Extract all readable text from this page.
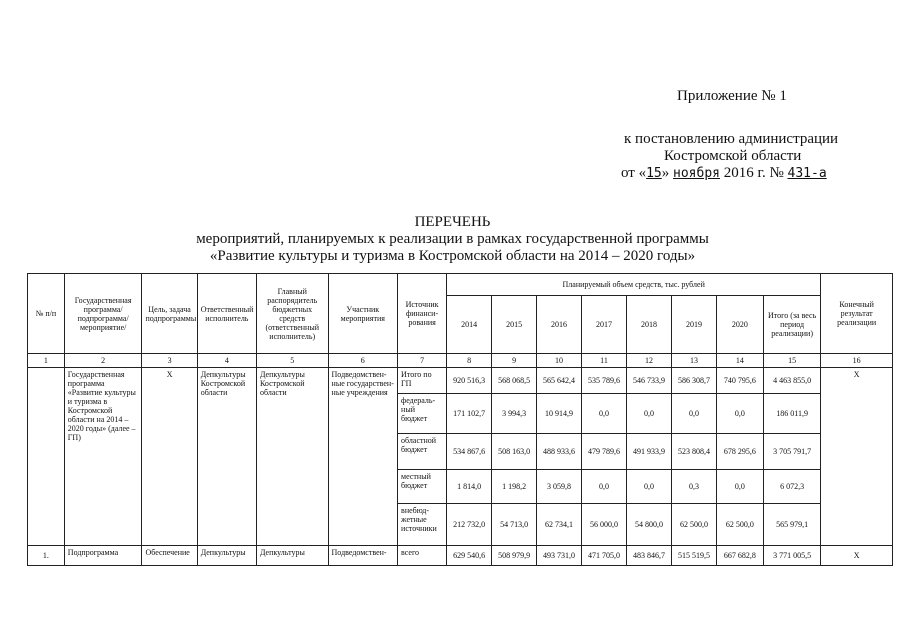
Приложение № 1
к постановлению администрации
Костромской области
от «15» ноября 2016 г. № 431-а
ПЕРЕЧЕНЬ
мероприятий, планируемых к реализации в рамках государственной программы
«Развитие культуры и туризма в Костромской области на 2014 – 2020 годы»
№ п/п	Государственная программа/ подпрограмма/ мероприятие/	Цель, задача подпрограммы	Ответственный исполнитель	Главный распорядитель бюджетных средств (ответственный исполнитель)	Участник мероприятия	Источник финанси-рования	Планируемый объем средств, тыс. рублей								Конечный результат реализации
							2014	2015	2016	2017	2018	2019	2020	Итого (за весь период реализации)	
1	2	3	4	5	6	7	8	9	10	11	12	13	14	15	16
	Государственная программа «Развитие культуры и туризма в Костромской области на 2014 – 2020 годы» (далее – ГП)	X	Депкультуры Костромской области	Депкультуры Костромской области	Подведомствен-ные государствен-ные учреждения	Итого по ГП	920 516,3	568 068,5	565 642,4	535 789,6	546 733,9	586 308,7	740 795,6	4 463 855,0	X
						федераль-ный бюджет	171 102,7	3 994,3	10 914,9	0,0	0,0	0,0	0,0	186 011,9	
						областной бюджет	534 867,6	508 163,0	488 933,6	479 789,6	491 933,9	523 808,4	678 295,6	3 705 791,7	
						местный бюджет	1 814,0	1 198,2	3 059,8	0,0	0,0	0,3	0,0	6 072,3	
						внебюд-жетные источники	212 732,0	54 713,0	62 734,1	56 000,0	54 800,0	62 500,0	62 500,0	565 979,1	
1.	Подпрограмма	Обеспечение	Депкультуры	Депкультуры	Подведомствен-	всего	629 540,6	508 979,9	493 731,0	471 705,0	483 846,7	515 519,5	667 682,8	3 771 005,5	X
